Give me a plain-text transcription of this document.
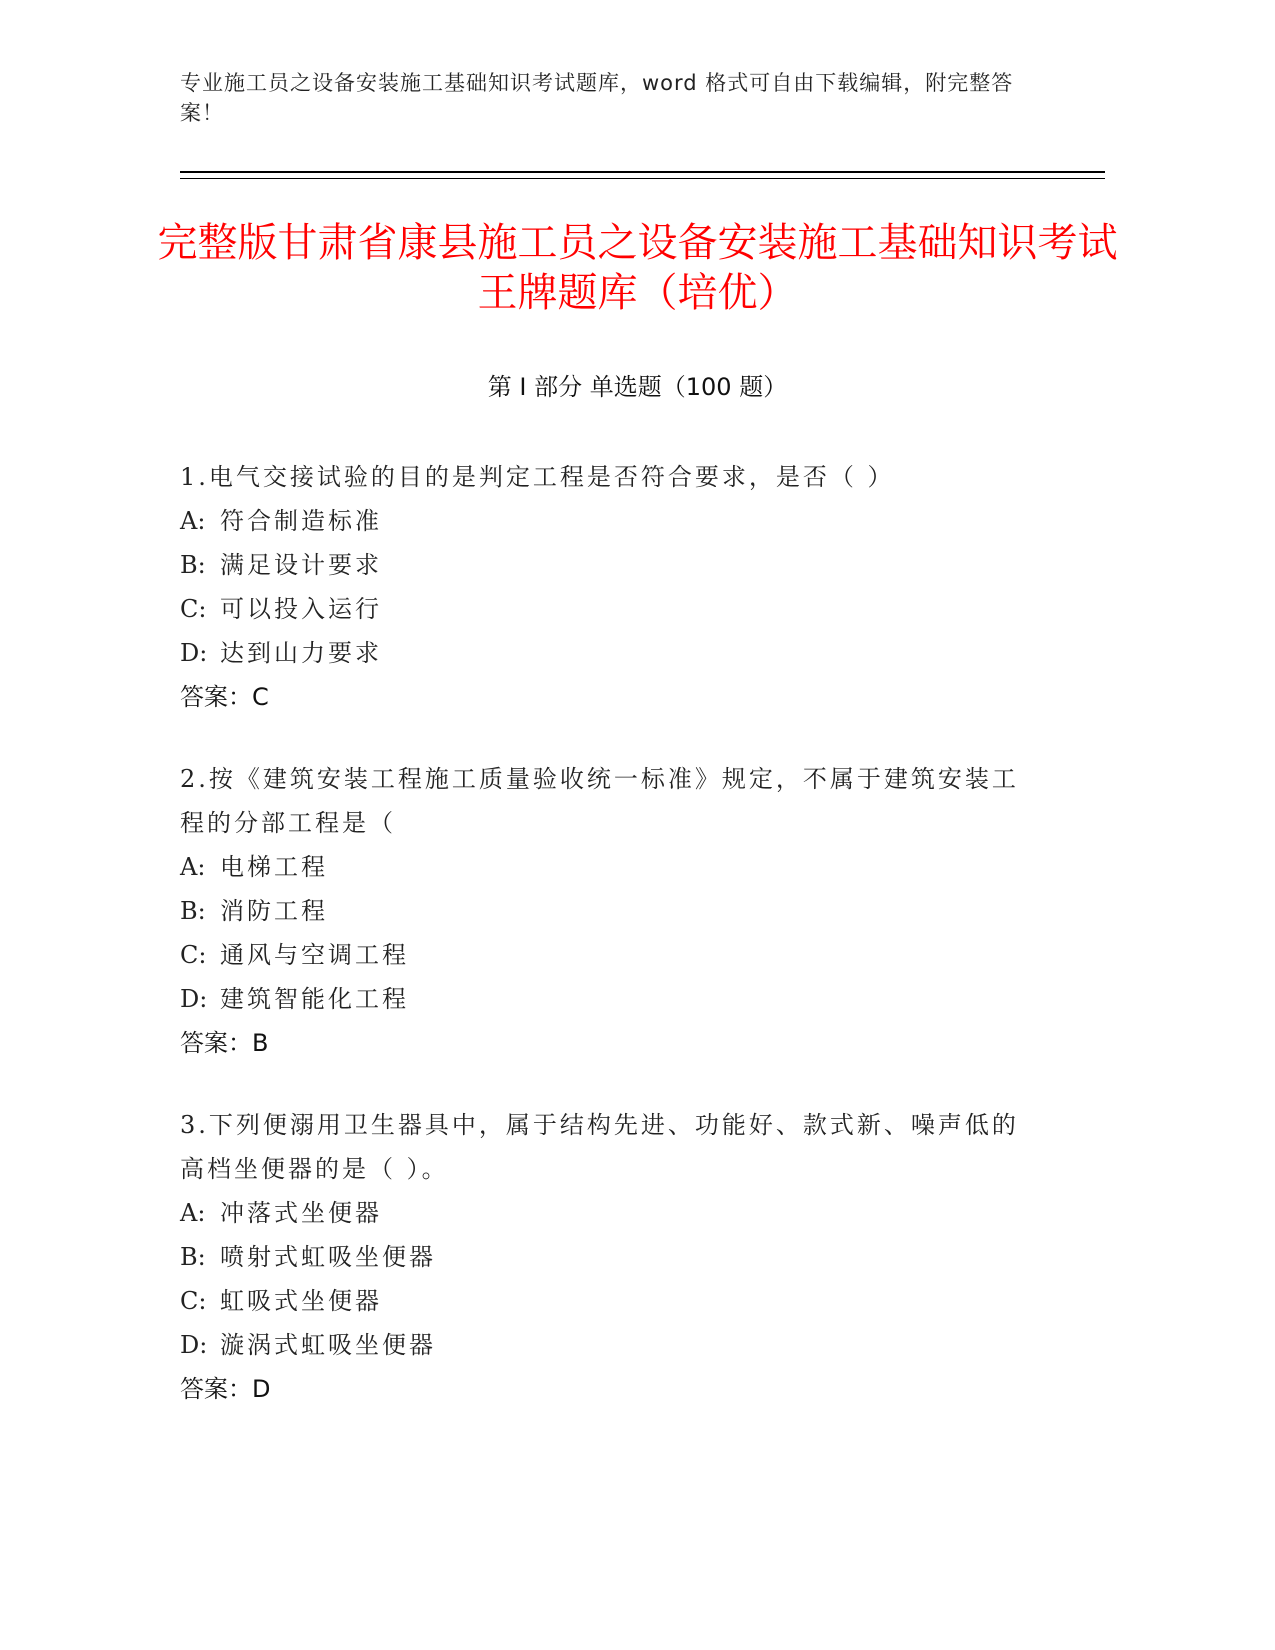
专业施工员之设备安装施工基础知识考试题库，word 格式可自由下载编辑，附完整答案！
完整版甘肃省康县施工员之设备安装施工基础知识考试王牌题库（培优）
第 I 部分 单选题（100 题）
1.电气交接试验的目的是判定工程是否符合要求，是否（ ）
A: 符合制造标准
B: 满足设计要求
C: 可以投入运行
D: 达到山力要求
答案：C
2.按《建筑安装工程施工质量验收统一标准》规定，不属于建筑安装工程的分部工程是（
A: 电梯工程
B: 消防工程
C: 通风与空调工程
D: 建筑智能化工程
答案：B
3.下列便溺用卫生器具中，属于结构先进、功能好、款式新、噪声低的高档坐便器的是（ ）。
A: 冲落式坐便器
B: 喷射式虹吸坐便器
C: 虹吸式坐便器
D: 漩涡式虹吸坐便器
答案：D
